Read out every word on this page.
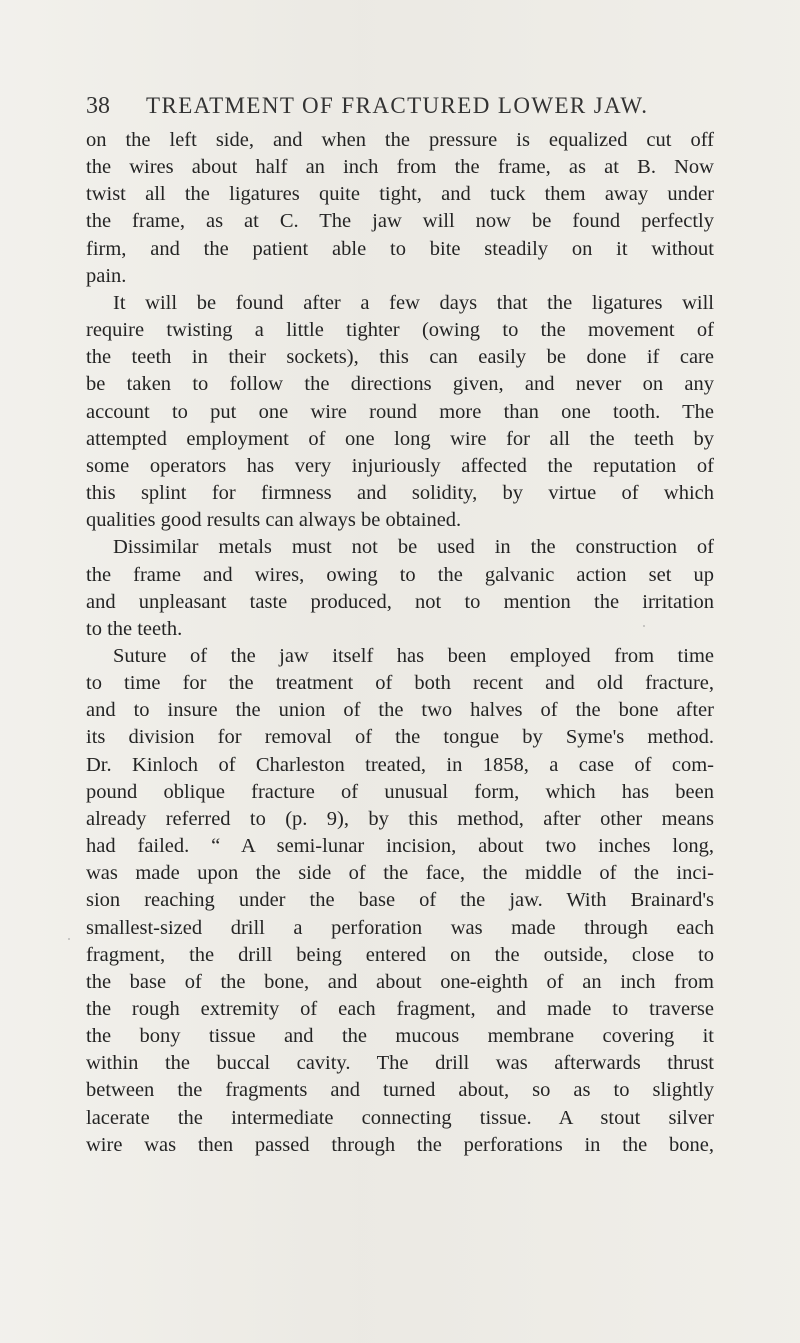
38	TREATMENT OF FRACTURED LOWER JAW.
on the left side, and when the pressure is equalized cut off
the wires about half an inch from the frame, as at B. Now
twist all the ligatures quite tight, and tuck them away under
the frame, as at C. The jaw will now be found perfectly
firm, and the patient able to bite steadily on it without
pain.
It will be found after a few days that the ligatures will
require twisting a little tighter (owing to the movement of
the teeth in their sockets), this can easily be done if care
be taken to follow the directions given, and never on any
account to put one wire round more than one tooth. The
attempted employment of one long wire for all the teeth by
some operators has very injuriously affected the reputation of
this splint for firmness and solidity, by virtue of which
qualities good results can always be obtained.
Dissimilar metals must not be used in the construction of
the frame and wires, owing to the galvanic action set up
and unpleasant taste produced, not to mention the irritation
to the teeth.
Suture of the jaw itself has been employed from time
to time for the treatment of both recent and old fracture,
and to insure the union of the two halves of the bone after
its division for removal of the tongue by Syme's method.
Dr. Kinloch of Charleston treated, in 1858, a case of com-
pound oblique fracture of unusual form, which has been
already referred to (p. 9), by this method, after other means
had failed. “ A semi-lunar incision, about two inches long,
was made upon the side of the face, the middle of the inci-
sion reaching under the base of the jaw. With Brainard's
smallest-sized drill a perforation was made through each
fragment, the drill being entered on the outside, close to
the base of the bone, and about one-eighth of an inch from
the rough extremity of each fragment, and made to traverse
the bony tissue and the mucous membrane covering it
within the buccal cavity. The drill was afterwards thrust
between the fragments and turned about, so as to slightly
lacerate the intermediate connecting tissue. A stout silver
wire was then passed through the perforations in the bone,
